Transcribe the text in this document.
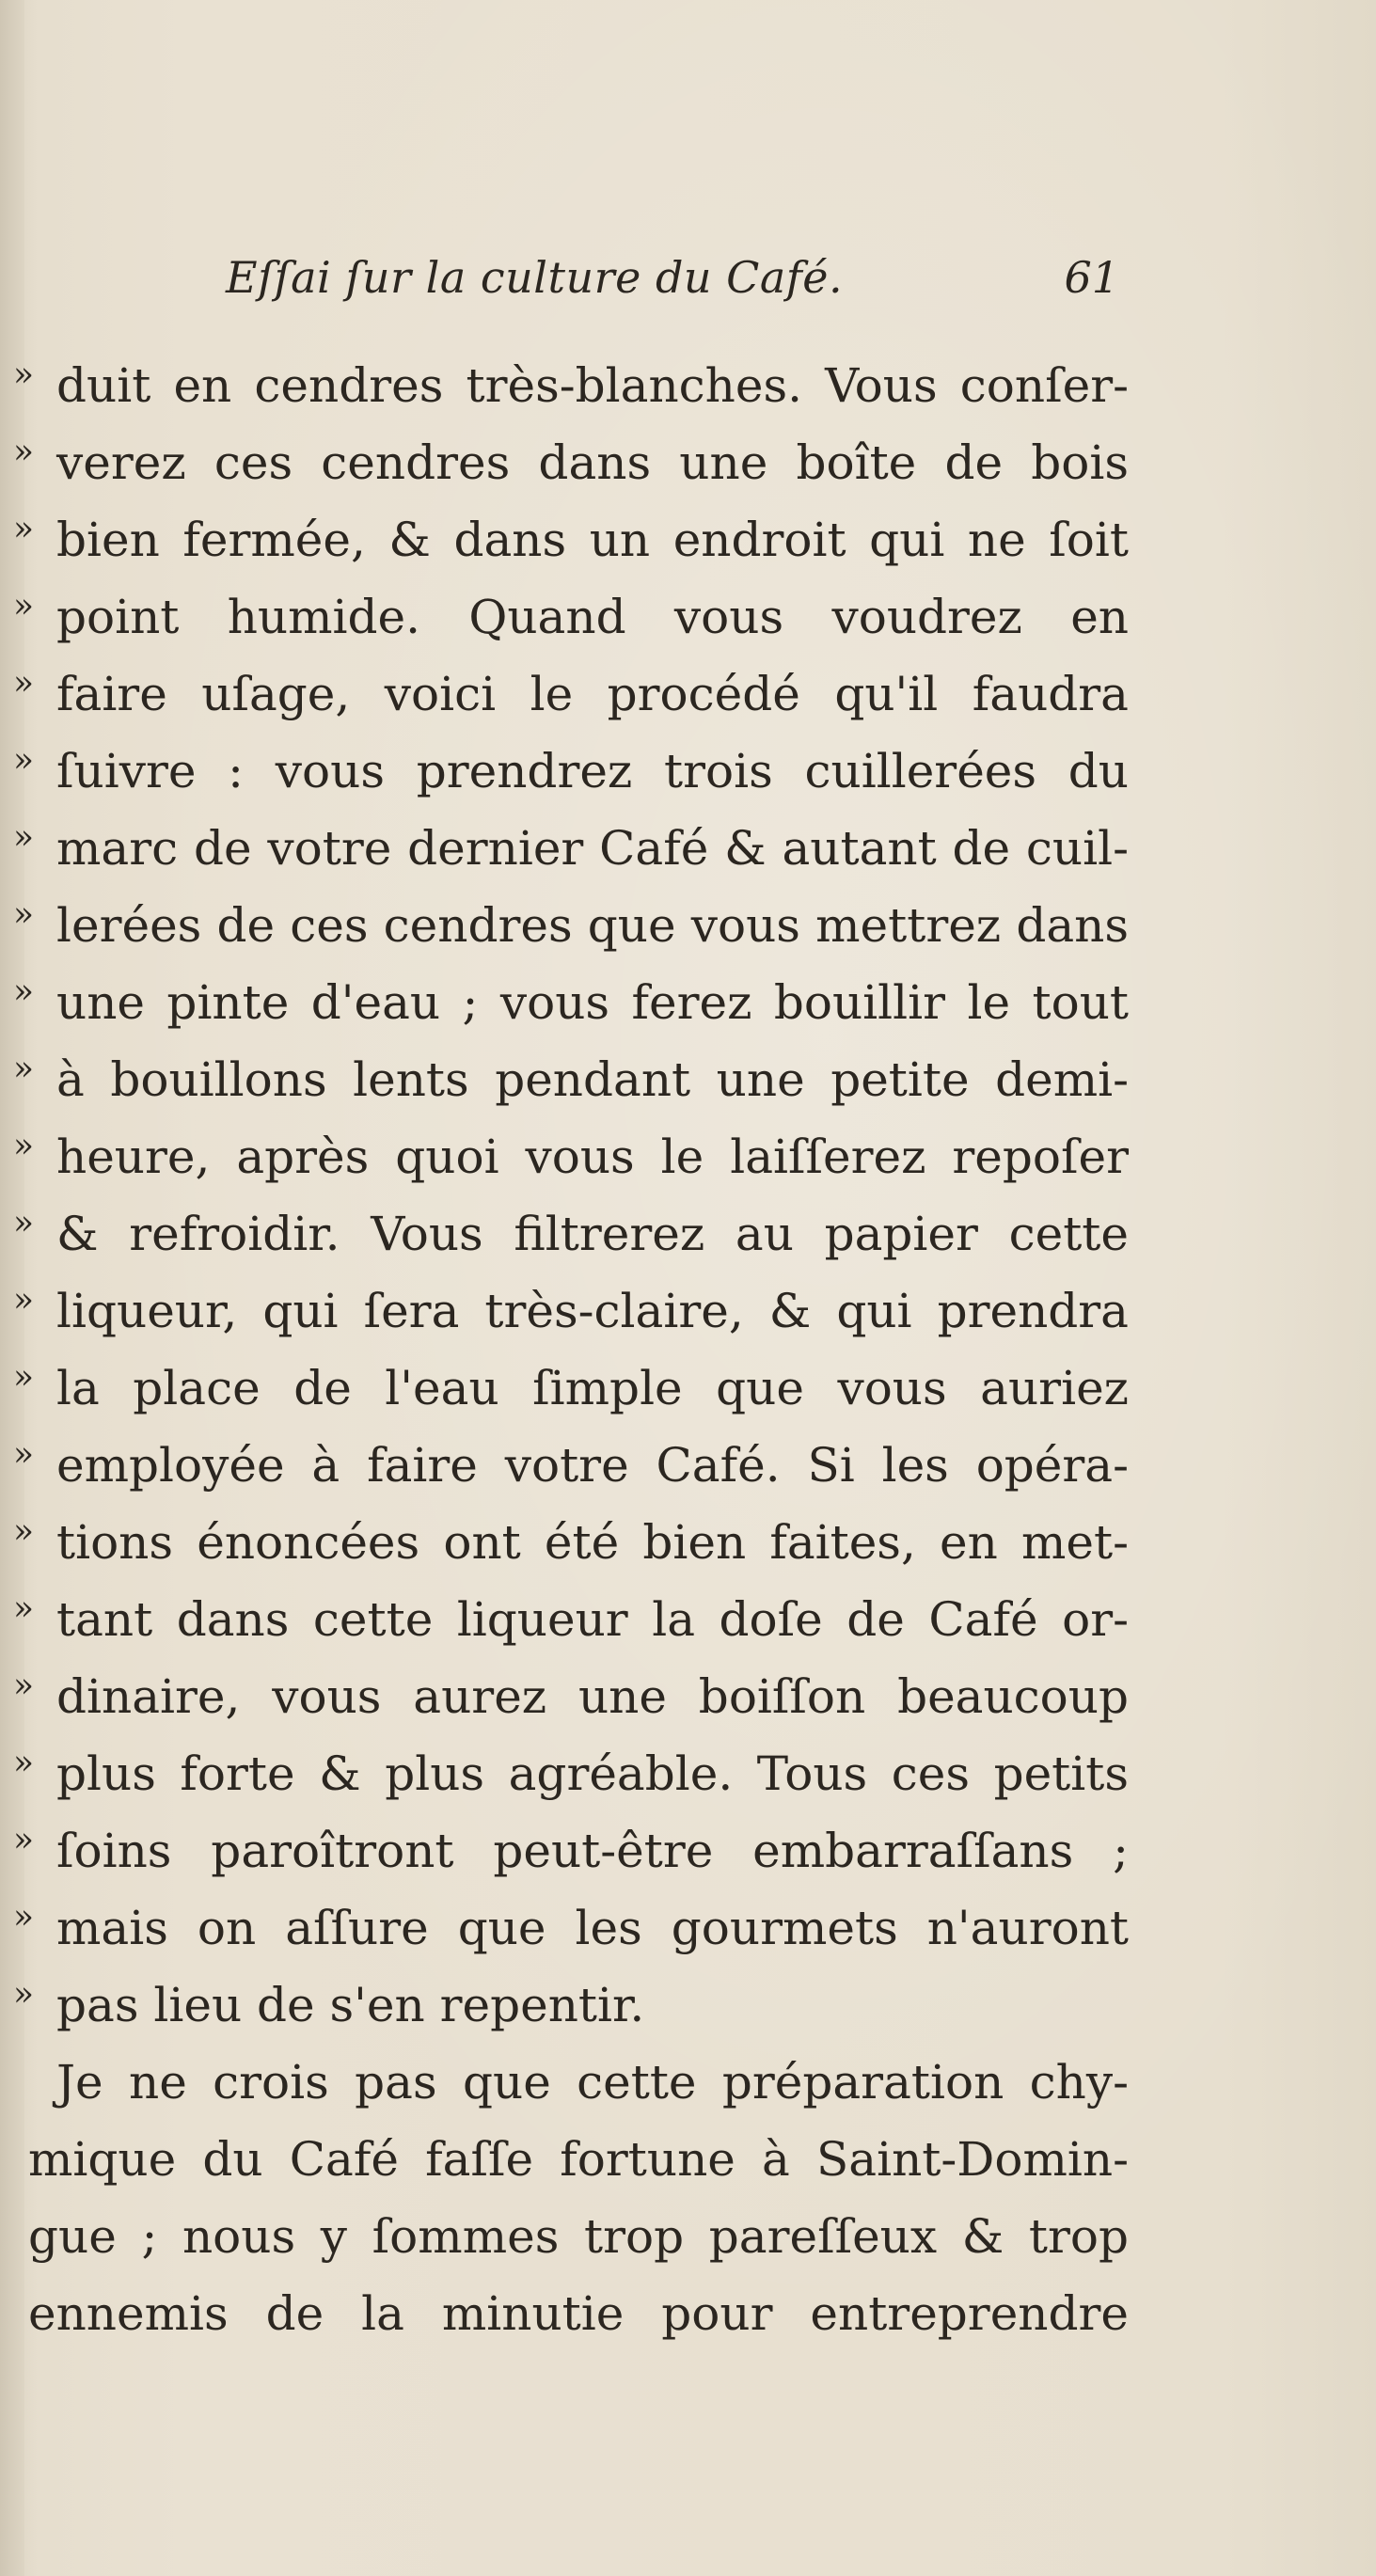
Eſſai ſur la culture du Café.	61
» duit en cendres très-blanches. Vous conſer-
» verez ces cendres dans une boîte de bois
» bien fermée, & dans un endroit qui ne ſoit
» point humide. Quand vous voudrez en
» faire uſage, voici le procédé qu'il faudra
» ſuivre : vous prendrez trois cuillerées du
» marc de votre dernier Café & autant de cuil-
» lerées de ces cendres que vous mettrez dans
» une pinte d'eau ; vous ferez bouillir le tout
» à bouillons lents pendant une petite demi-
» heure, après quoi vous le laiſſerez repoſer
» & refroidir. Vous filtrerez au papier cette
» liqueur, qui ſera très-claire, & qui prendra
» la place de l'eau ſimple que vous auriez
» employée à faire votre Café. Si les opéra-
» tions énoncées ont été bien faites, en met-
» tant dans cette liqueur la doſe de Café or-
» dinaire, vous aurez une boiſſon beaucoup
» plus forte & plus agréable. Tous ces petits
» ſoins paroîtront peut-être embarraſſans ;
» mais on aſſure que les gourmets n'auront
» pas lieu de s'en repentir.
Je ne crois pas que cette préparation chy-
mique du Café faſſe fortune à Saint-Domin-
gue ; nous y ſommes trop pareſſeux & trop
ennemis de la minutie pour entreprendre
